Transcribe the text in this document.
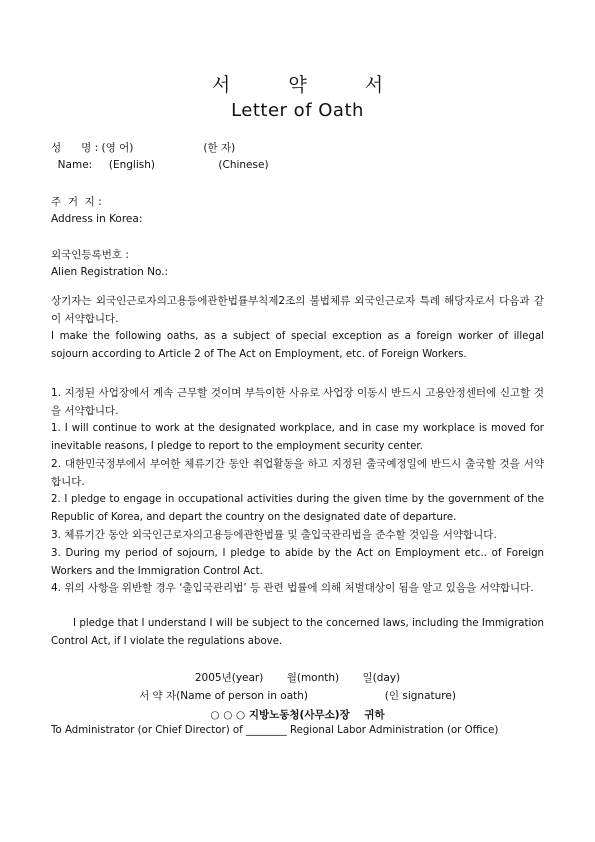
서 약 서
Letter of Oath
성      명 : (영 어)                     (한 자)
Name:     (English)                   (Chinese)
주  거  지 :
Address in Korea:
외국인등록번호 :
Alien Registration No.:
상기자는 외국인근로자의고용등에관한법률부칙제2조의 불법체류 외국인근로자 특례 해당자로서 다음과 같이 서약합니다.
I make the following oaths, as a subject of special exception as a foreign worker of illegal sojourn according to Article 2 of The Act on Employment, etc. of Foreign Workers.
1. 지정된 사업장에서 계속 근무할 것이며 부득이한 사유로 사업장 이동시 반드시 고용안정센터에 신고할 것을 서약합니다.
1. I will continue to work at the designated workplace, and in case my workplace is moved for inevitable reasons, I pledge to report to the employment security center.
2. 대한민국정부에서 부여한 체류기간 동안 취업활동을 하고 지정된 출국예정일에 반드시 출국할 것을 서약합니다.
2. I pledge to engage in occupational activities during the given time by the government of the Republic of Korea, and depart the country on the designated date of departure.
3. 체류기간 동안 외국인근로자의고용등에관한법률 및 출입국관리법을 준수할 것임을 서약합니다.
3. During my period of sojourn, I pledge to abide by the Act on Employment etc.. of Foreign Workers and the Immigration Control Act.
4. 위의 사항을 위반할 경우 ‘출입국관리법’ 등 관련 법률에 의해 처벌대상이 됨을 알고 있음을 서약합니다.
I pledge that I understand I will be subject to the concerned laws, including the Immigration Control Act, if I violate the regulations above.
2005년(year)       월(month)       일(day)
서 약 자(Name of person in oath)                       (인 signature)
○ ○ ○ 지방노동청(사무소)장    귀하
To Administrator (or Chief Director) of ________ Regional Labor Administration (or Office)
